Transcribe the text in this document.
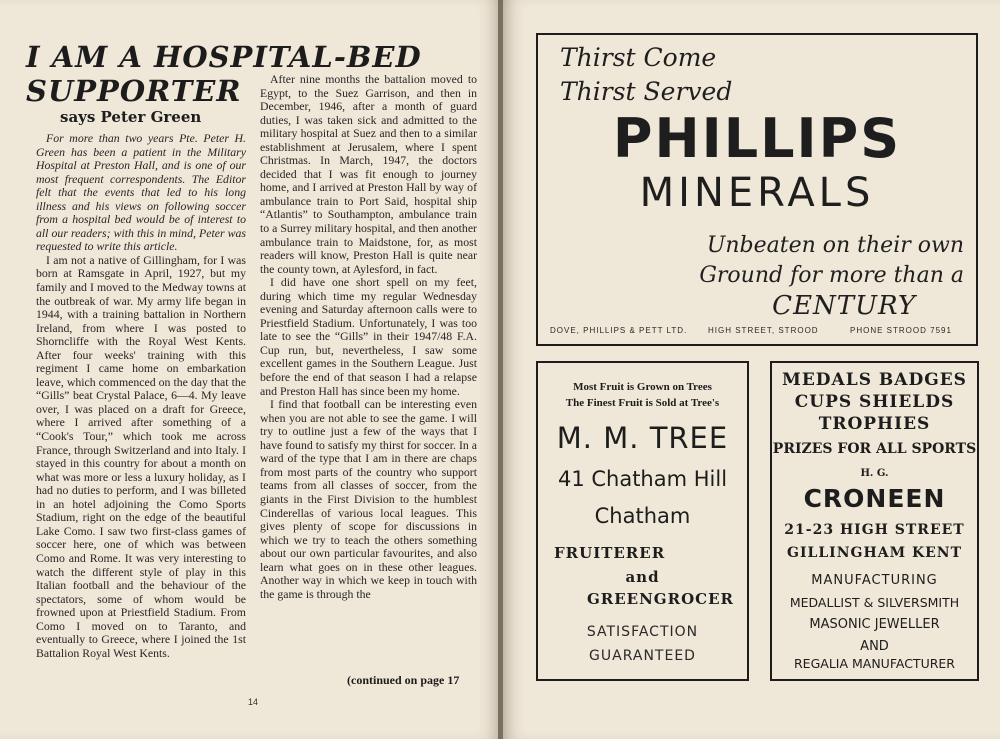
I AM A HOSPITAL-BED
SUPPORTER
says Peter Green

For more than two years Pte. Peter H. Green has been a patient in the Military Hospital at Preston Hall, and is one of our most frequent correspondents. The Editor felt that the events that led to his long illness and his views on following soccer from a hospital bed would be of interest to all our readers; with this in mind, Peter was requested to write this article.

I am not a native of Gillingham, for I was born at Ramsgate in April, 1927, but my family and I moved to the Medway towns at the outbreak of war. My army life began in 1944, with a training battalion in Northern Ireland, from where I was posted to Shorncliffe with the Royal West Kents. After four weeks' training with this regiment I came home on embarkation leave, which commenced on the day that the “Gills” beat Crystal Palace, 6—4. My leave over, I was placed on a draft for Greece, where I arrived after something of a “Cook's Tour,” which took me across France, through Switzerland and into Italy. I stayed in this country for about a month on what was more or less a luxury holiday, as I had no duties to perform, and I was billeted in an hotel adjoining the Como Sports Stadium, right on the edge of the beautiful Lake Como. I saw two first-class games of soccer here, one of which was between Como and Rome. It was very interesting to watch the different style of play in this Italian football and the behaviour of the spectators, some of whom would be frowned upon at Priestfield Stadium. From Como I moved on to Taranto, and eventually to Greece, where I joined the 1st Battalion Royal West Kents.

After nine months the battalion moved to Egypt, to the Suez Garrison, and then in December, 1946, after a month of guard duties, I was taken sick and admitted to the military hospital at Suez and then to a similar establishment at Jerusalem, where I spent Christmas. In March, 1947, the doctors decided that I was fit enough to journey home, and I arrived at Preston Hall by way of ambulance train to Port Said, hospital ship “Atlantis” to Southampton, ambulance train to a Surrey military hospital, and then another ambulance train to Maidstone, for, as most readers will know, Preston Hall is quite near the county town, at Aylesford, in fact.

I did have one short spell on my feet, during which time my regular Wednesday evening and Saturday afternoon calls were to Priestfield Stadium. Unfortunately, I was too late to see the “Gills” in their 1947/48 F.A. Cup run, but, nevertheless, I saw some excellent games in the Southern League. Just before the end of that season I had a relapse and Preston Hall has since been my home.

I find that football can be interesting even when you are not able to see the game. I will try to outline just a few of the ways that I have found to satisfy my thirst for soccer. In a ward of the type that I am in there are chaps from most parts of the country who support teams from all classes of soccer, from the giants in the First Division to the humblest Cinderellas of various local leagues. This gives plenty of scope for discussions in which we try to teach the others something about our own particular favourites, and also learn what goes on in these other leagues. Another way in which we keep in touch with the game is through the

(continued on page 17
14
Thirst Come
Thirst Served
PHILLIPS
MINERALS
Unbeaten on their own
Ground for more than a
CENTURY
DOVE, PHILLIPS & PETT LTD.	HIGH STREET, STROOD	PHONE STROOD 7591
Most Fruit is Grown on Trees
The Finest Fruit is Sold at Tree's
M. M. TREE
41 Chatham Hill
Chatham
FRUITERER
and
GREENGROCER
SATISFACTION
GUARANTEED
MEDALS BADGES
CUPS SHIELDS
TROPHIES
PRIZES FOR ALL SPORTS
H. G.
CRONEEN
21-23 HIGH STREET
GILLINGHAM KENT
MANUFACTURING
MEDALLIST & SILVERSMITH
MASONIC JEWELLER
AND
REGALIA MANUFACTURER
